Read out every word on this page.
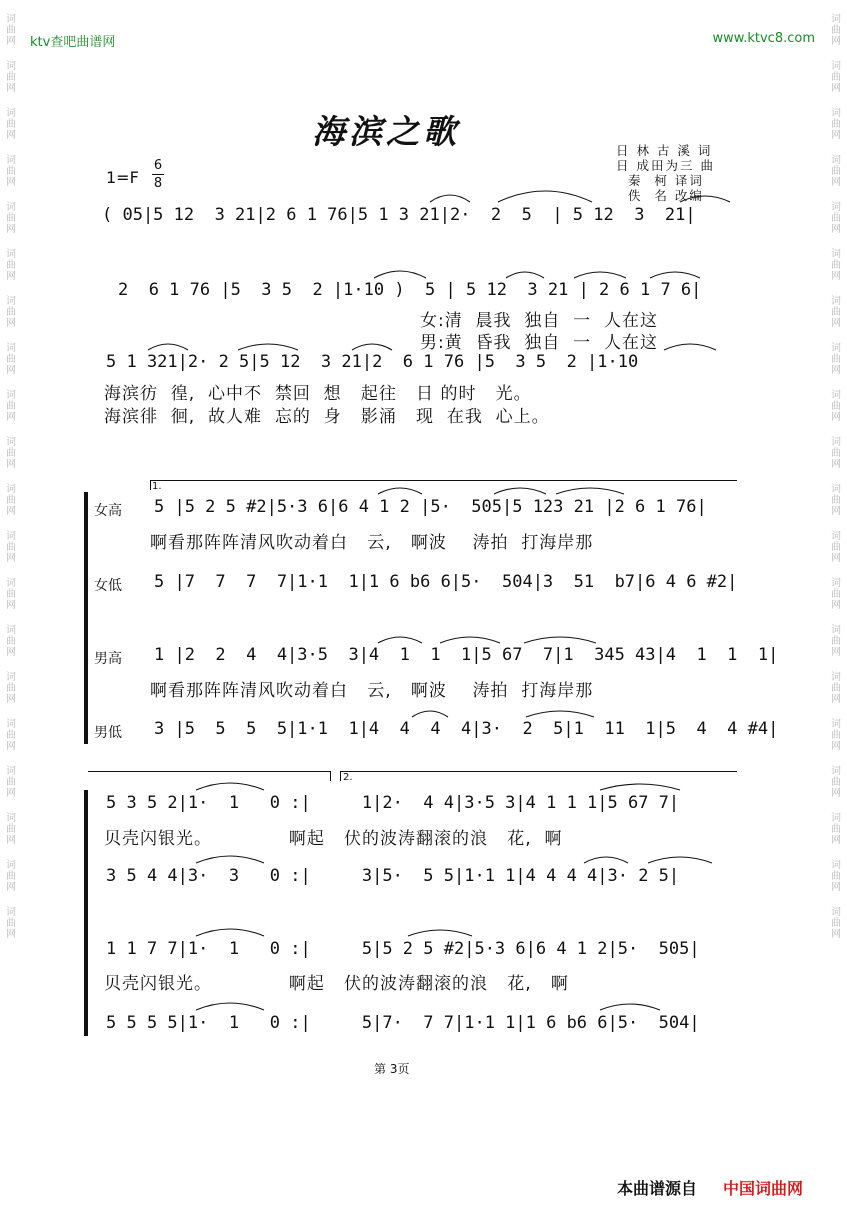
词
曲
网
词
曲
网
词
曲
网
词
曲
网
词
曲
网
词
曲
网
词
曲
网
词
曲
网
词
曲
网
词
曲
网
词
曲
网
词
曲
网
词
曲
网
词
曲
网
词
曲
网
词
曲
网
词
曲
网
词
曲
网
词
曲
网
词
曲
网
词
曲
网
词
曲
网
词
曲
网
词
曲
网
词
曲
网
词
曲
网
词
曲
网
词
曲
网
词
曲
网
词
曲
网
词
曲
网
词
曲
网
词
曲
网
词
曲
网
词
曲
网
词
曲
网
词
曲
网
词
曲
网
词
曲
网
词
曲
网
ktv查吧曲谱网	www.ktvc8.com
海滨之歌	日 林 古 溪 词
日 成田为三 曲
秦  柯 译词
佚  名 改编
1=F
6
8
( 05|5 12  3 21|2 6 1 76|5 1 3 21|2·  2  5  | 5 12  3  21|
2  6 1 76 |5  3 5  2 |1·10 )  5 | 5 12  3 21 | 2 6 1 7 6|
女:清  晨我  独自  一  人在这
男:黄  昏我  独自  一  人在这
5 1 321|2· 2 5|5 12  3 21|2  6 1 76 |5  3 5  2 |1·10
海滨彷  徨,  心中不  禁回  想   起往   日 的时   光。
海滨徘  徊,  故人难  忘的  身   影涌   现  在我  心上。
1.
女高 5 |5 2 5 #2|5·3 6|6 4 1 2 |5·  505|5 123 21 |2 6 1 76|
啊看那阵阵清风吹动着白   云,   啊波    涛拍  打海岸那
女低 5 |7  7  7  7|1·1  1|1 6 b6 6|5·  504|3  51  b7|6 4 6 #2|
男高 1 |2  2  4  4|3·5  3|4  1  1  1|5 67  7|1  345 43|4  1  1  1|
啊看那阵阵清风吹动着白   云,   啊波    涛拍  打海岸那
男低 3 |5  5  5  5|1·1  1|4  4  4  4|3·  2  5|1  11  1|5  4  4 #4|
2.
5 3 5 2|1·  1   0 :|     1|2·  4 4|3·5 3|4 1 1 1|5 67 7|
贝壳闪银光。            啊起   伏的波涛翻滚的浪   花,  啊
3 5 4 4|3·  3   0 :|     3|5·  5 5|1·1 1|4 4 4 4|3· 2 5|
1 1 7 7|1·  1   0 :|     5|5 2 5 #2|5·3 6|6 4 1 2|5·  505|
贝壳闪银光。            啊起   伏的波涛翻滚的浪   花,   啊
5 5 5 5|1·  1   0 :|     5|7·  7 7|1·1 1|1 6 b6 6|5·  504|
第 3页
本曲谱源自 中国词曲网
